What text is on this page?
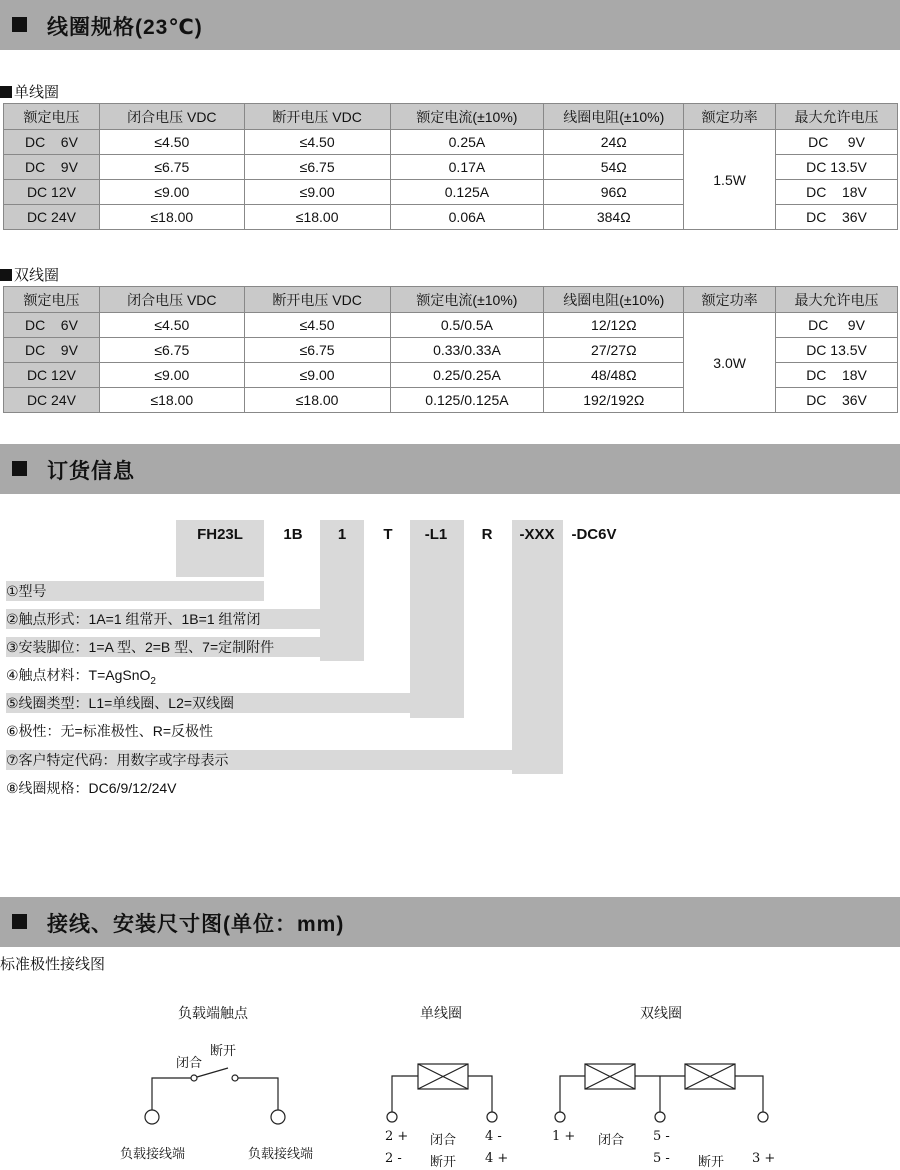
线圈规格(23℃)
单线圈
额定电压	闭合电压 VDC	断开电压 VDC	额定电流(±10%)	线圈电阻(±10%)	额定功率	最大允许电压
DC    6V	≤4.50	≤4.50	0.25A	24Ω	1.5W	DC     9V
DC    9V	≤6.75	≤6.75	0.17A	54Ω		DC 13.5V
DC 12V	≤9.00	≤9.00	0.125A	96Ω		DC    18V
DC 24V	≤18.00	≤18.00	0.06A	384Ω		DC    36V
双线圈
额定电压	闭合电压 VDC	断开电压 VDC	额定电流(±10%)	线圈电阻(±10%)	额定功率	最大允许电压
DC    6V	≤4.50	≤4.50	0.5/0.5A	12/12Ω	3.0W	DC     9V
DC    9V	≤6.75	≤6.75	0.33/0.33A	27/27Ω		DC 13.5V
DC 12V	≤9.00	≤9.00	0.25/0.25A	48/48Ω		DC    18V
DC 24V	≤18.00	≤18.00	0.125/0.125A	192/192Ω		DC    36V
订货信息
FH23L	1B	1	T	-L1	R	-XXX	-DC6V
①型号
②触点形式：1A=1 组常开、1B=1 组常闭
③安装脚位：1=A 型、2=B 型、7=定制附件
④触点材料：T=AgSnO$_2$
⑤线圈类型：L1=单线圈、L2=双线圈
⑥极性：无=标准极性、R=反极性
⑦客户特定代码：用数字或字母表示
⑧线圈规格：DC6/9/12/24V
接线、安装尺寸图(单位：mm)
标准极性接线图
负载端触点	单线圈	双线圈
闭合
断开
负载接线端	负载接线端
2 + 闭合 4 -
2 - 断开 4 +
1 + 闭合 5 -
5 - 断开 3 +
